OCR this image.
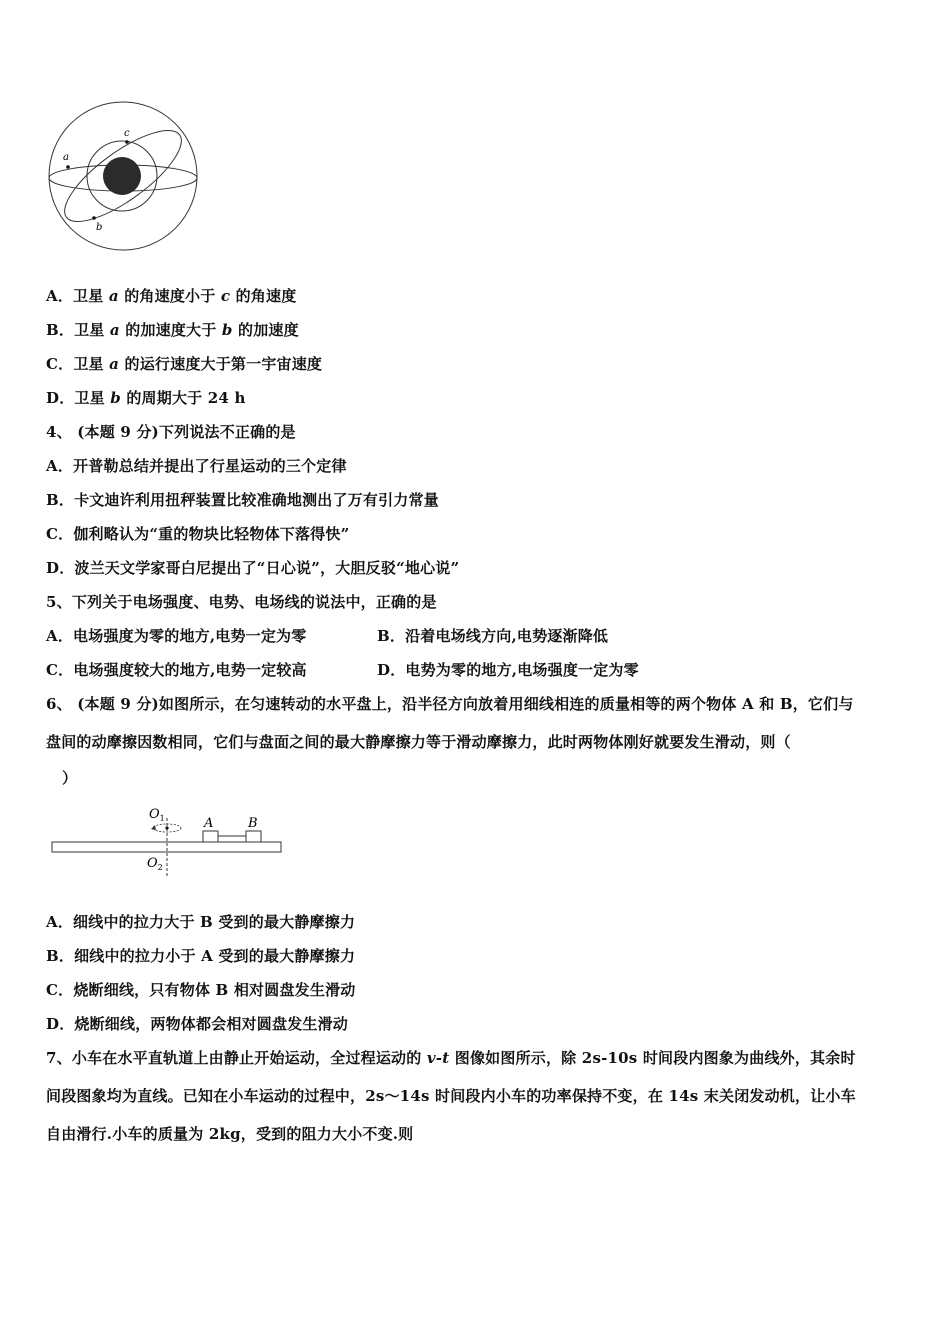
a
c
b
A．卫星 a 的角速度小于 c 的角速度
B．卫星 a 的加速度大于 b 的加速度
C．卫星 a 的运行速度大于第一宇宙速度
D．卫星 b 的周期大于 24 h
4、 (本题 9 分)下列说法不正确的是
A．开普勒总结并提出了行星运动的三个定律
B．卡文迪许利用扭秤装置比较准确地测出了万有引力常量
C．伽利略认为“重的物块比轻物体下落得快”
D．波兰天文学家哥白尼提出了“日心说”，大胆反驳“地心说”
5、下列关于电场强度、电势、电场线的说法中，正确的是
A．电场强度为零的地方,电势一定为零	B．沿着电场线方向,电势逐渐降低
C．电场强度较大的地方,电势一定较高	D．电势为零的地方,电场强度一定为零
6、 (本题 9 分)如图所示，在匀速转动的水平盘上，沿半径方向放着用细线相连的质量相等的两个物体 A 和 B，它们与
盘间的动摩擦因数相同，它们与盘面之间的最大静摩擦力等于滑动摩擦力，此时两物体刚好就要发生滑动，则（
）
$O_1$	A	B
$O_2$
A．细线中的拉力大于 B 受到的最大静摩擦力
B．细线中的拉力小于 A 受到的最大静摩擦力
C．烧断细线，只有物体 B 相对圆盘发生滑动
D．烧断细线，两物体都会相对圆盘发生滑动
7、小车在水平直轨道上由静止开始运动，全过程运动的 v-t 图像如图所示，除 2s-10s 时间段内图象为曲线外，其余时
间段图象均为直线。已知在小车运动的过程中，2s～14s 时间段内小车的功率保持不变，在 14s 末关闭发动机，让小车
自由滑行.小车的质量为 2kg，受到的阻力大小不变.则
